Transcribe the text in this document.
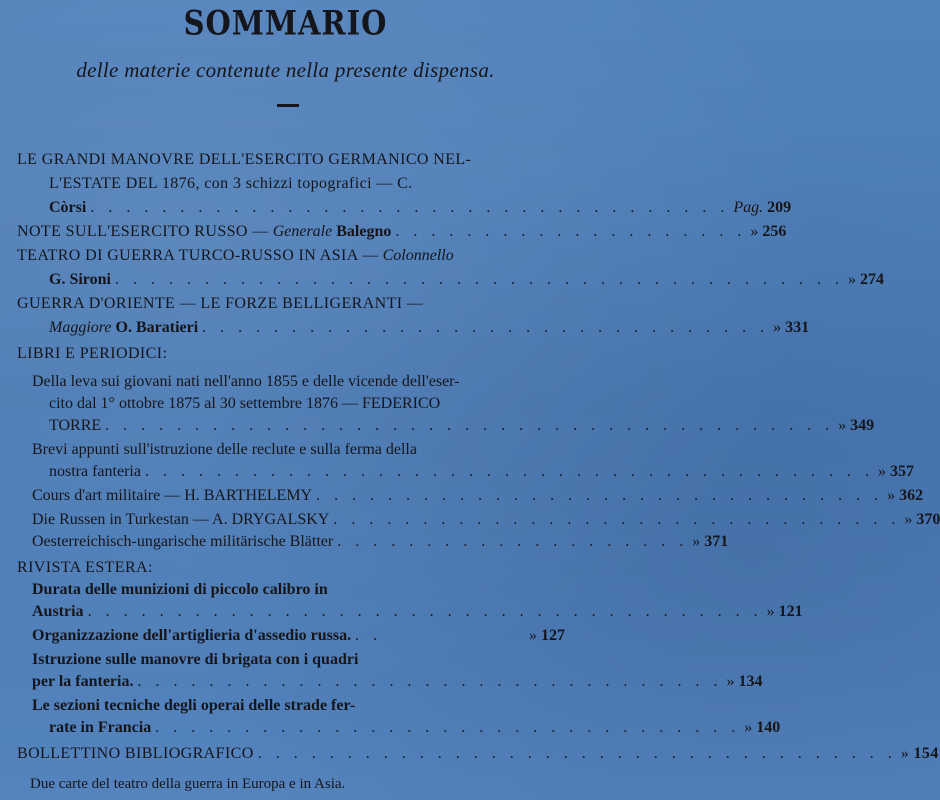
SOMMARIO
delle materie contenute nella presente dispensa.
LE GRANDI MANOVRE DELL'ESERCITO GERMANICO NEL-
L'ESTATE DEL 1876, con 3 schizzi topografici — C.
Còrsi . . . . . . . . . . . . . . . . . . . . . . . . . . . . . . . . . . . . Pag.
209
NOTE SULL'ESERCITO RUSSO —
Generale
Balegno . . . . . . . . . . . . . . . . . . . . »
256
TEATRO DI GUERRA TURCO-RUSSO IN ASIA —
Colonnello
G. Sironi . . . . . . . . . . . . . . . . . . . . . . . . . . . . . . . . . . . . . . . . . »
274
GUERRA D'ORIENTE — LE FORZE BELLIGERANTI —
Maggiore
O. Baratieri . . . . . . . . . . . . . . . . . . . . . . . . . . . . . . . . »
331
LIBRI E PERIODICI:
Della leva sui giovani nati nell'anno 1855 e delle vicende dell'eser-
cito dal 1° ottobre 1875 al 30 settembre 1876 — FEDERICO
TORRE . . . . . . . . . . . . . . . . . . . . . . . . . . . . . . . . . . . . . . . . . »
349
Brevi appunti sull'istruzione delle reclute e sulla ferma della
nostra fanteria . . . . . . . . . . . . . . . . . . . . . . . . . . . . . . . . . . . . . . . . . »
357
Cours d'art militaire — H. BARTHELEMY . . . . . . . . . . . . . . . . . . . . . . . . . . . . . . . . »
362
Die Russen in Turkestan — A. DRYGALSKY . . . . . . . . . . . . . . . . . . . . . . . . . . . . . . . . »
370
Oesterreichisch-ungarische militärische Blätter . . . . . . . . . . . . . . . . . . . . »
371
RIVISTA ESTERA:
Durata delle munizioni di piccolo calibro in
Austria . . . . . . . . . . . . . . . . . . . . . . . . . . . . . . . . . . . . . . »
121
Organizzazione dell'artiglieria d'assedio russa. . .	»
127
Istruzione sulle manovre di brigata con i quadri
per la fanteria. . . . . . . . . . . . . . . . . . . . . . . . . . . . . . . . . . »
134
Le sezioni tecniche degli operai delle strade fer-
rate in Francia . . . . . . . . . . . . . . . . . . . . . . . . . . . . . . . . . »
140
BOLLETTINO BIBLIOGRAFICO . . . . . . . . . . . . . . . . . . . . . . . . . . . . . . . . . . . . »
154
Due carte del teatro della guerra in Europa e in Asia.
